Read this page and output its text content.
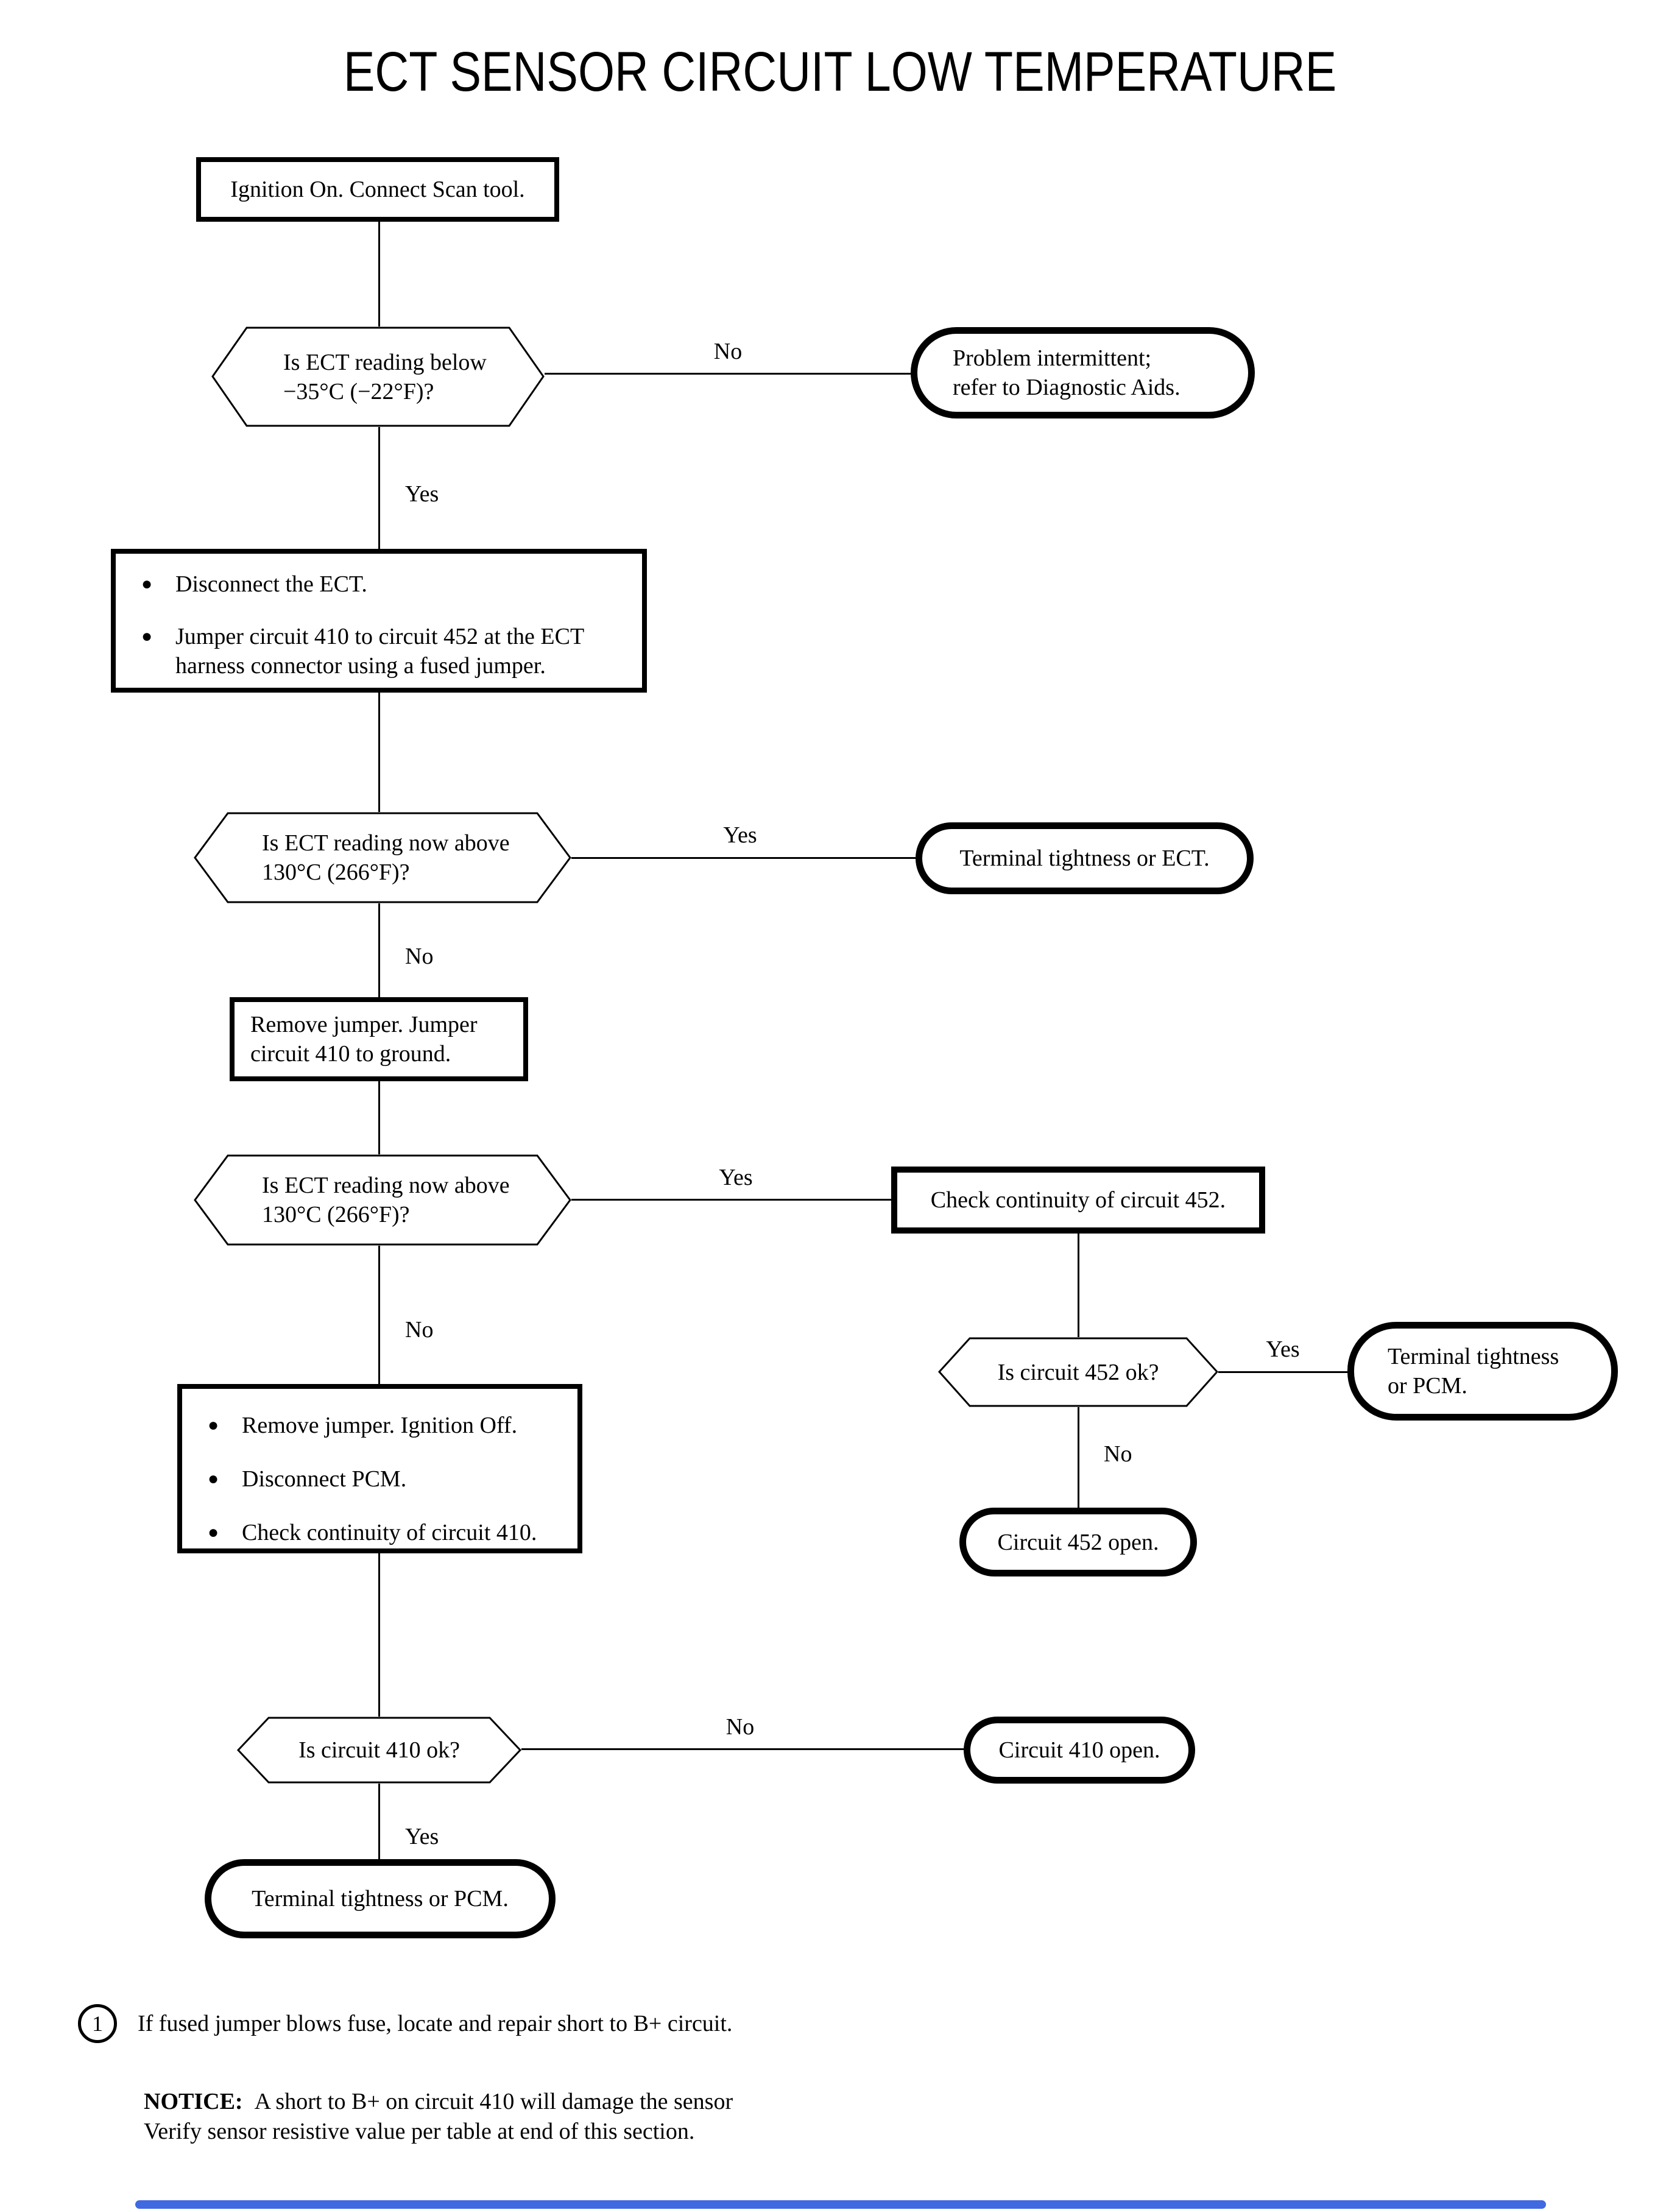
ECT SENSOR CIRCUIT LOW TEMPERATURE
Ignition On. Connect Scan tool.
Is ECT reading below
−35°C (−22°F)?
No	Problem intermittent;
refer to Diagnostic Aids.
Yes
● Disconnect the ECT.
● Jumper circuit 410 to circuit 452 at the ECT harness connector using a fused jumper.
Is ECT reading now above
130°C (266°F)?
Yes
Terminal tightness or ECT.
No
Remove jumper. Jumper circuit 410 to ground.
Is ECT reading now above
130°C (266°F)?
Yes
Check continuity of circuit 452.
Is circuit 452 ok?
Yes	Terminal tightness
or PCM.
No
Circuit 452 open.
No
● Remove jumper. Ignition Off.
● Disconnect PCM.
● Check continuity of circuit 410.
Is circuit 410 ok?
No
Circuit 410 open.
Yes
Terminal tightness or PCM.
1 If fused jumper blows fuse, locate and repair short to B+ circuit.
NOTICE: A short to B+ on circuit 410 will damage the sensor
Verify sensor resistive value per table at end of this section.
